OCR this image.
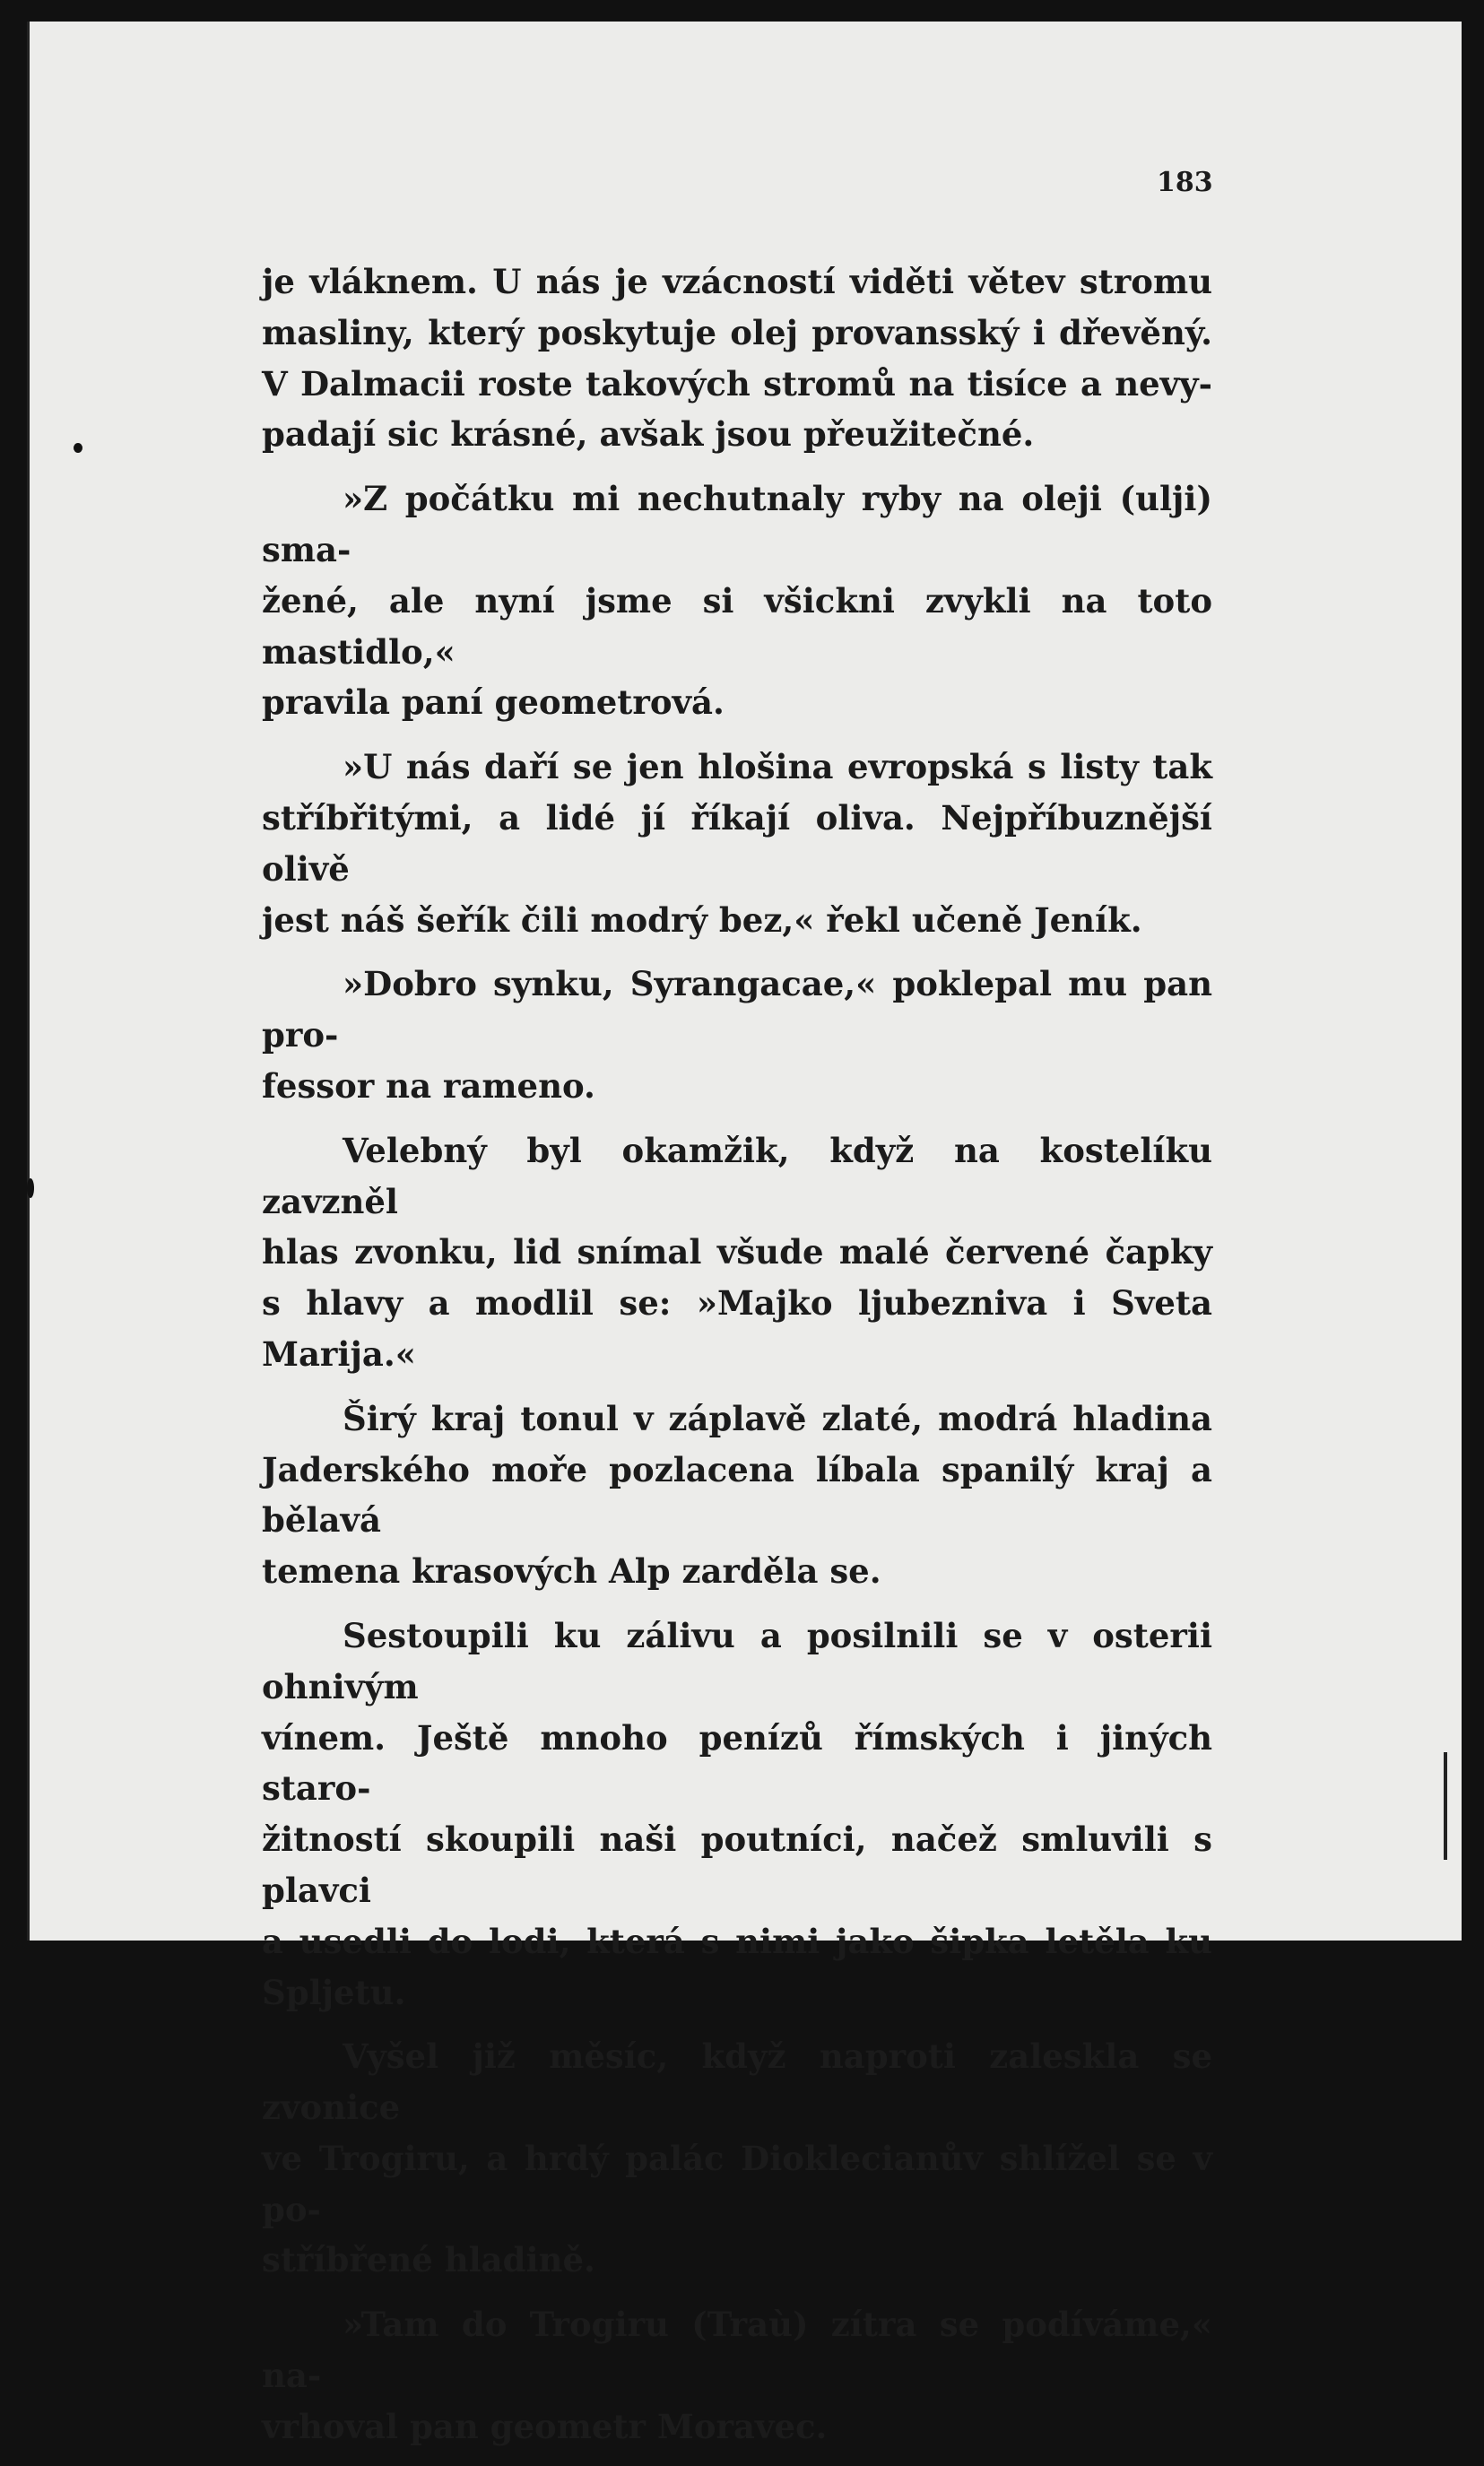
183
je vláknem. U nás je vzácností viděti větev stromu
masliny, který poskytuje olej provansský i dřevěný.
V Dalmacii roste takových stromů na tisíce a nevy-
padají sic krásné, avšak jsou přeužitečné.
»Z počátku mi nechutnaly ryby na oleji (ulji) sma-
žené, ale nyní jsme si všickni zvykli na toto mastidlo,«
pravila paní geometrová.
»U nás daří se jen hlošina evropská s listy tak
stříbřitými, a lidé jí říkají oliva. Nejpříbuznější olivě
jest náš šeřík čili modrý bez,« řekl učeně Jeník.
»Dobro synku, Syrangacae,« poklepal mu pan pro-
fessor na rameno.
Velebný byl okamžik, když na kostelíku zavzněl
hlas zvonku, lid snímal všude malé červené čapky
s hlavy a modlil se: »Majko ljubezniva i Sveta Marija.«
Širý kraj tonul v záplavě zlaté, modrá hladina
Jaderského moře pozlacena líbala spanilý kraj a bělavá
temena krasových Alp zarděla se.
Sestoupili ku zálivu a posilnili se v osterii ohnivým
vínem. Ještě mnoho penízů římských i jiných staro-
žitností skoupili naši poutníci, načež smluvili s plavci
a usedli do lodi, která s nimi jako šipka letěla ku
Spljetu.
Vyšel již měsíc, když naproti zaleskla se zvonice
ve Trogiru, a hrdý palác Dioklecianův shlížel se v po-
stříbřené hladině.
»Tam do Trogiru (Traù) zítra se podíváme,« na-
vrhoval pan geometr Moravec.
